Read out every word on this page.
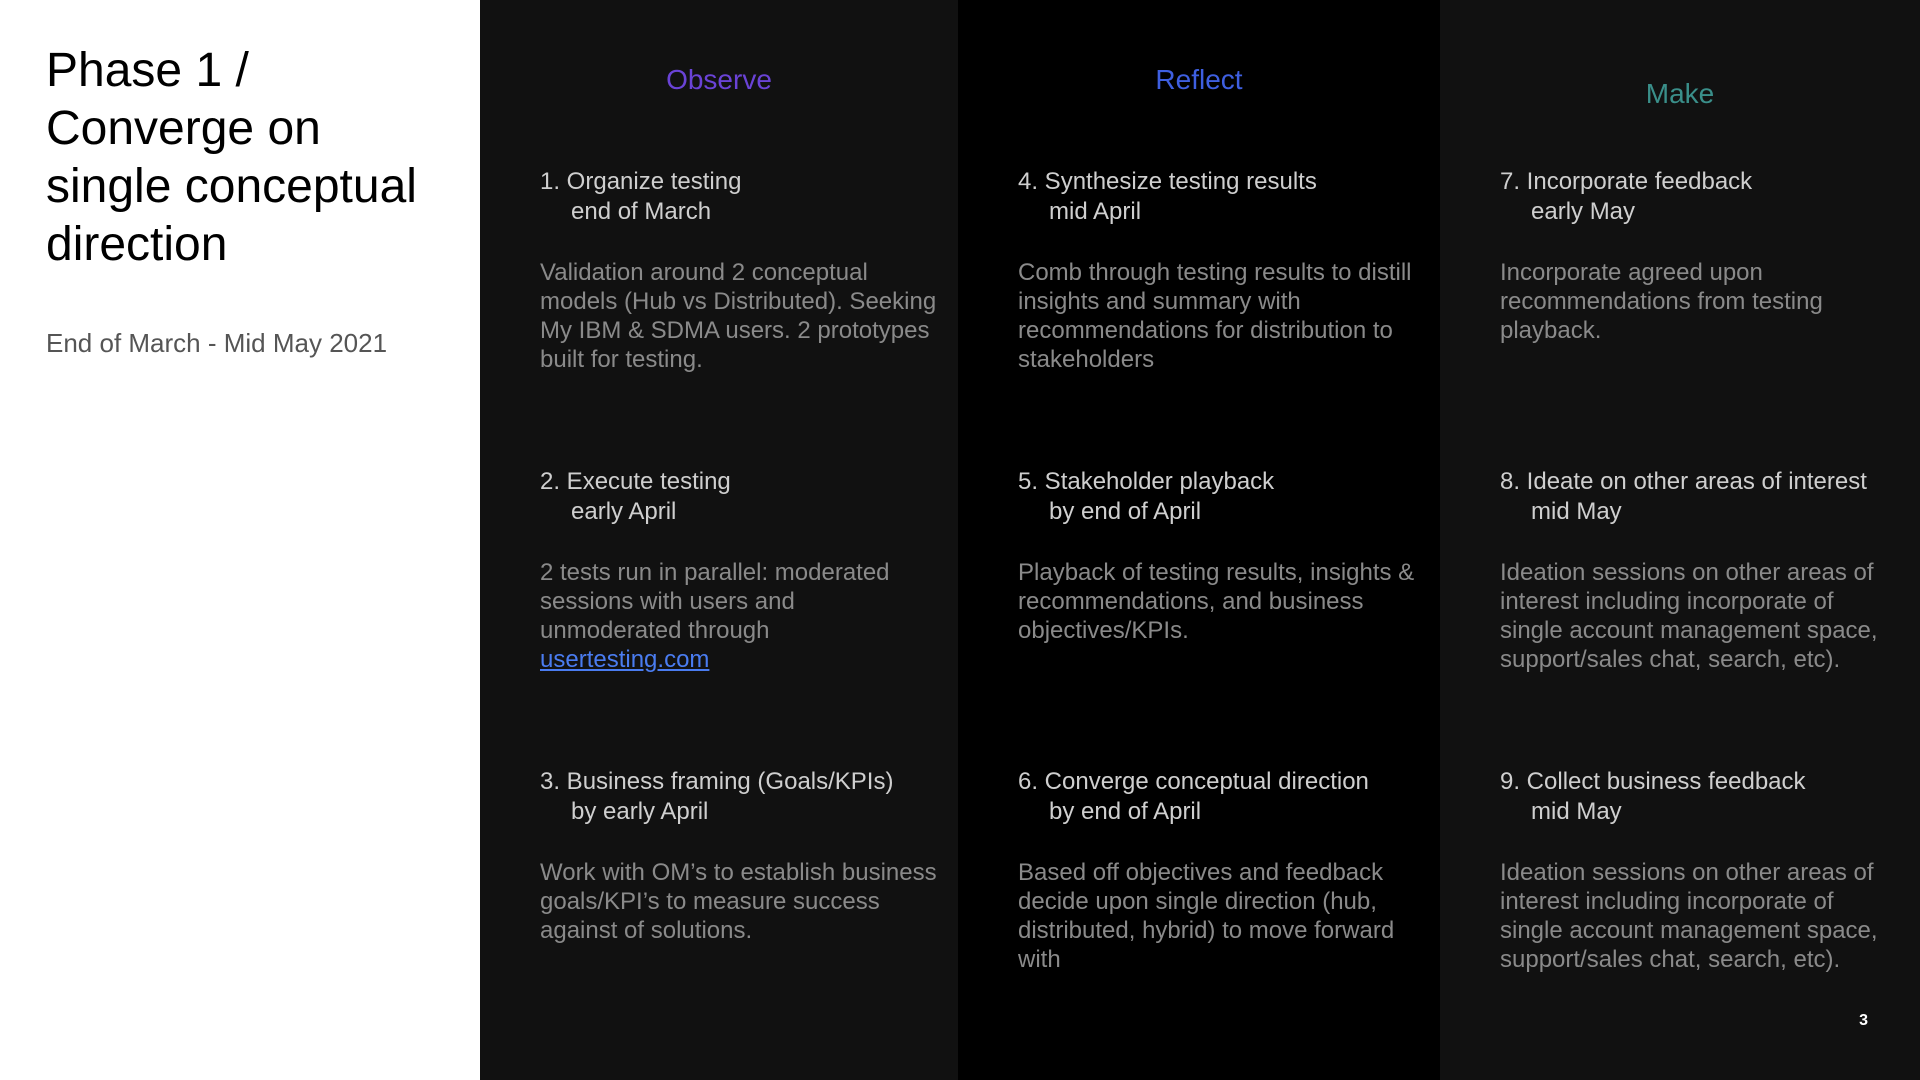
Phase 1 / Converge on single conceptual direction
End of March - Mid May 2021
Observe
1. Organize testing
end of March
Validation around 2 conceptual models (Hub vs Distributed). Seeking My IBM & SDMA users. 2 prototypes built for testing.
2. Execute testing
early April
2 tests run in parallel: moderated sessions with users and unmoderated through
usertesting.com
3. Business framing (Goals/KPIs)
by early April
Work with OM’s to establish business goals/KPI’s to measure success against of solutions.
Reflect
4. Synthesize testing results
mid April
Comb through testing results to distill insights and summary with recommendations for distribution to stakeholders
5. Stakeholder playback
by end of April
Playback of testing results, insights & recommendations, and business objectives/KPIs.
6. Converge conceptual direction
by end of April
Based off objectives and feedback decide upon single direction (hub, distributed, hybrid) to move forward with
Make
7. Incorporate feedback
early May
Incorporate agreed upon recommendations from testing playback.
8. Ideate on other areas of interest
mid May
Ideation sessions on other areas of interest including incorporate of single account management space, support/sales chat, search, etc).
9. Collect business feedback
mid May
Ideation sessions on other areas of interest including incorporate of single account management space, support/sales chat, search, etc).
3
